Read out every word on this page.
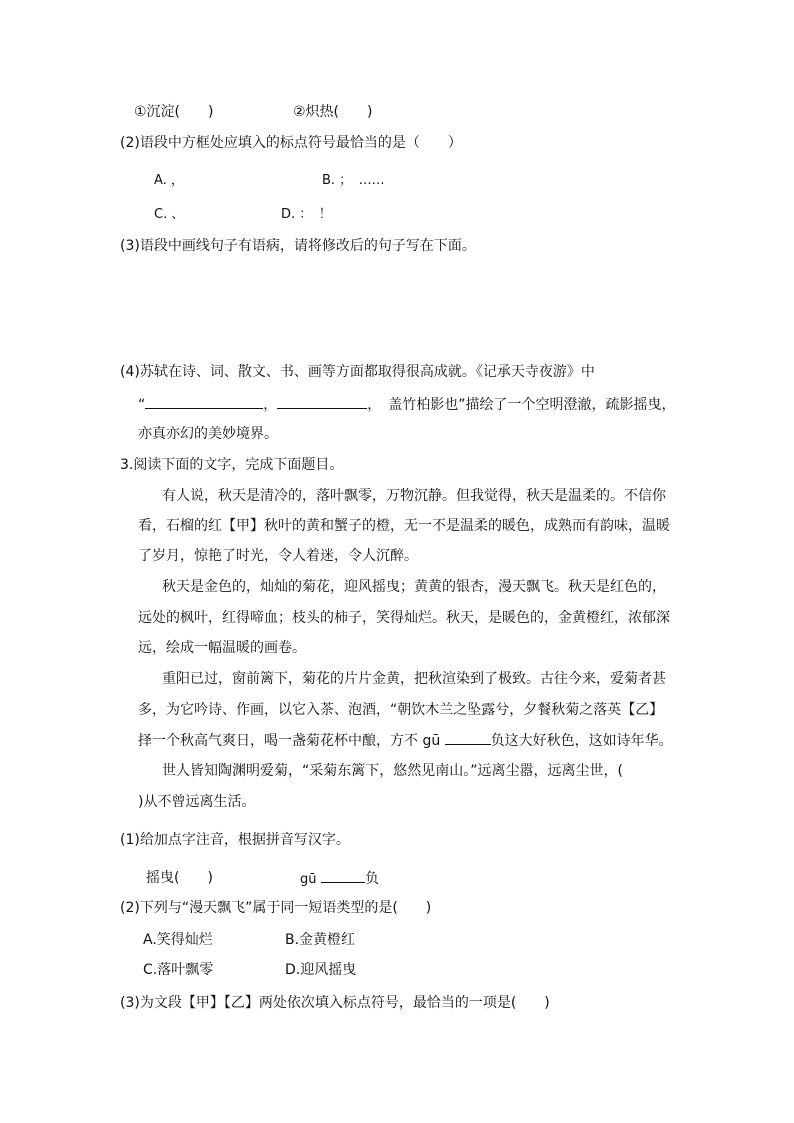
①沉淀(　　)	②炽热(　　)
(2)语段中方框处应填入的标点符号最恰当的是（　　）
A. ，	B. ；　……
C. 、	D. ：　！
(3)语段中画线句子有语病，请将修改后的句子写在下面。
(4)苏轼在诗、词、散文、书、画等方面都取得很高成就。《记承天寺夜游》中
“	，	，　盖竹柏影也”描绘了一个空明澄澈，疏影摇曳，
亦真亦幻的美妙境界。
3.阅读下面的文字，完成下面题目。
有人说，秋天是清冷的，落叶飘零，万物沉静。但我觉得，秋天是温柔的。不信你
看，石榴的红【甲】秋叶的黄和蟹子的橙，无一不是温柔的暖色，成熟而有韵味，温暖
了岁月，惊艳了时光，令人着迷，令人沉醉。
秋天是金色的，灿灿的菊花，迎风摇曳；黄黄的银杏，漫天飘飞。秋天是红色的，
远处的枫叶，红得啼血；枝头的柿子，笑得灿烂。秋天，是暖色的，金黄橙红，浓郁深
远，绘成一幅温暖的画卷。
重阳已过，窗前篱下，菊花的片片金黄，把秋渲染到了极致。古往今来，爱菊者甚
多，为它吟诗、作画，以它入茶、泡酒，“朝饮木兰之坠露兮，夕餐秋菊之落英【乙】
择一个秋高气爽日，喝一盏菊花杯中酿，方不 gū	负这大好秋色，这如诗年华。
世人皆知陶渊明爱菊，“采菊东篱下，悠然见南山。”远离尘嚣，远离尘世，(
)从不曾远离生活。
(1)给加点字注音，根据拼音写汉字。
摇曳(　　)	gū	负
(2)下列与“漫天飘飞”属于同一短语类型的是(　　)
A.笑得灿烂	B.金黄橙红
C.落叶飘零	D.迎风摇曳
(3)为文段【甲】【乙】两处依次填入标点符号，最恰当的一项是(　　)
